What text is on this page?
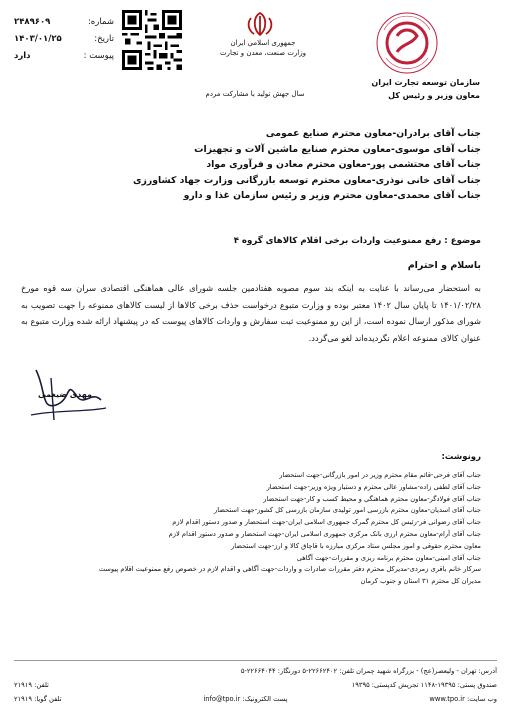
شماره:
۲۴۸۹۶۰۹
تاریخ:
۱۴۰۳/۰۱/۲۵
پیوست :
دارد
جمهوری اسلامی ایران
وزارت صنعت، معدن و تجارت
سال جهش تولید با مشارکت مردم
سازمان توسعه تجارت ایران
معاون وزیر و رئیس کل
جناب آقای برادران-معاون محترم صنایع عمومی
جناب آقای موسوی-معاون محترم صنایع ماشین آلات و تجهیزات
جناب آقای محتشمی پور-معاون محترم معادن و فرآوری مواد
جناب آقای خانی نوذری-معاون محترم توسعه بازرگانی وزارت جهاد کشاورزی
جناب آقای محمدی-معاون محترم وزیر و رئیس سازمان غذا و دارو
موضوع : رفع ممنوعیت واردات برخی اقلام کالاهای گروه ۴
باسلام و احترام
به استحضار می‌رساند با عنایت به اینکه بند سوم مصوبه هفتادمین جلسه شورای عالی هماهنگی اقتصادی سران سه قوه مورخ ۱۴۰۱/۰۲/۲۸ تا پایان سال ۱۴۰۲ معتبر بوده و وزارت متبوع درخواست حذف برخی کالاها از لیست کالاهای ممنوعه را جهت تصویب به شورای مذکور ارسال نموده است، از این رو ممنوعیت ثبت سفارش و واردات کالاهای پیوست که در پیشنهاد ارائه شده وزارت متبوع به عنوان کالای ممنوعه اعلام نگردیده‌اند لغو می‌گردد.
مهدی ضیغمی
رونوشت:
جناب آقای فرحی-قائم مقام محترم وزیر در امور بازرگانی-جهت استحضار
جناب آقای لطفی زاده-مشاور عالی محترم و دستیار ویژه وزیر-جهت استحضار
جناب آقای فولادگر-معاون محترم هماهنگی و محیط کسب و کار-جهت استحضار
جناب آقای اسدیان-معاون محترم بازرسی امور تولیدی سازمان بازرسی کل کشور-جهت استحضار
جناب آقای رضوانی فر-رئیس کل محترم گمرک جمهوری اسلامی ایران-جهت استحضار و صدور دستور اقدام لازم
جناب آقای آرام-معاون محترم ارزی بانک مرکزی جمهوری اسلامی ایران-جهت استحضار و صدور دستور اقدام لازم
معاون محترم حقوقی و امور مجلس ستاد مرکزی مبارزه با قاچاق کالا و ارز-جهت استحضار
جناب آقای امینی-معاون محترم برنامه ریزی و مقررات-جهت آگاهی
سرکار خانم باقری زمردی-مدیرکل محترم دفتر مقررات صادرات و واردات-جهت آگاهی و اقدام لازم در خصوص رفع ممنوعیت اقلام پیوست
مدیران کل محترم ۳۱ استان و جنوب کرمان
آدرس: تهران - ولیعصر(عج) - بزرگراه شهید چمران تلفن: ۲۲۶۶۲۴۰۲-۵ دورنگار: ۲۲۶۶۴۰۴۴-۵
صندوق پستی: ۱۹۳۹۵-۱۱۴۸ تجریش کدپستی: ۱۹۳۹۵
تلفن: ۲۱۹۱۹
وب سایت: www.tpo.ir
پست الکترونیک: info@tpo.ir
تلفن گویا: ۲۱۹۱۹
